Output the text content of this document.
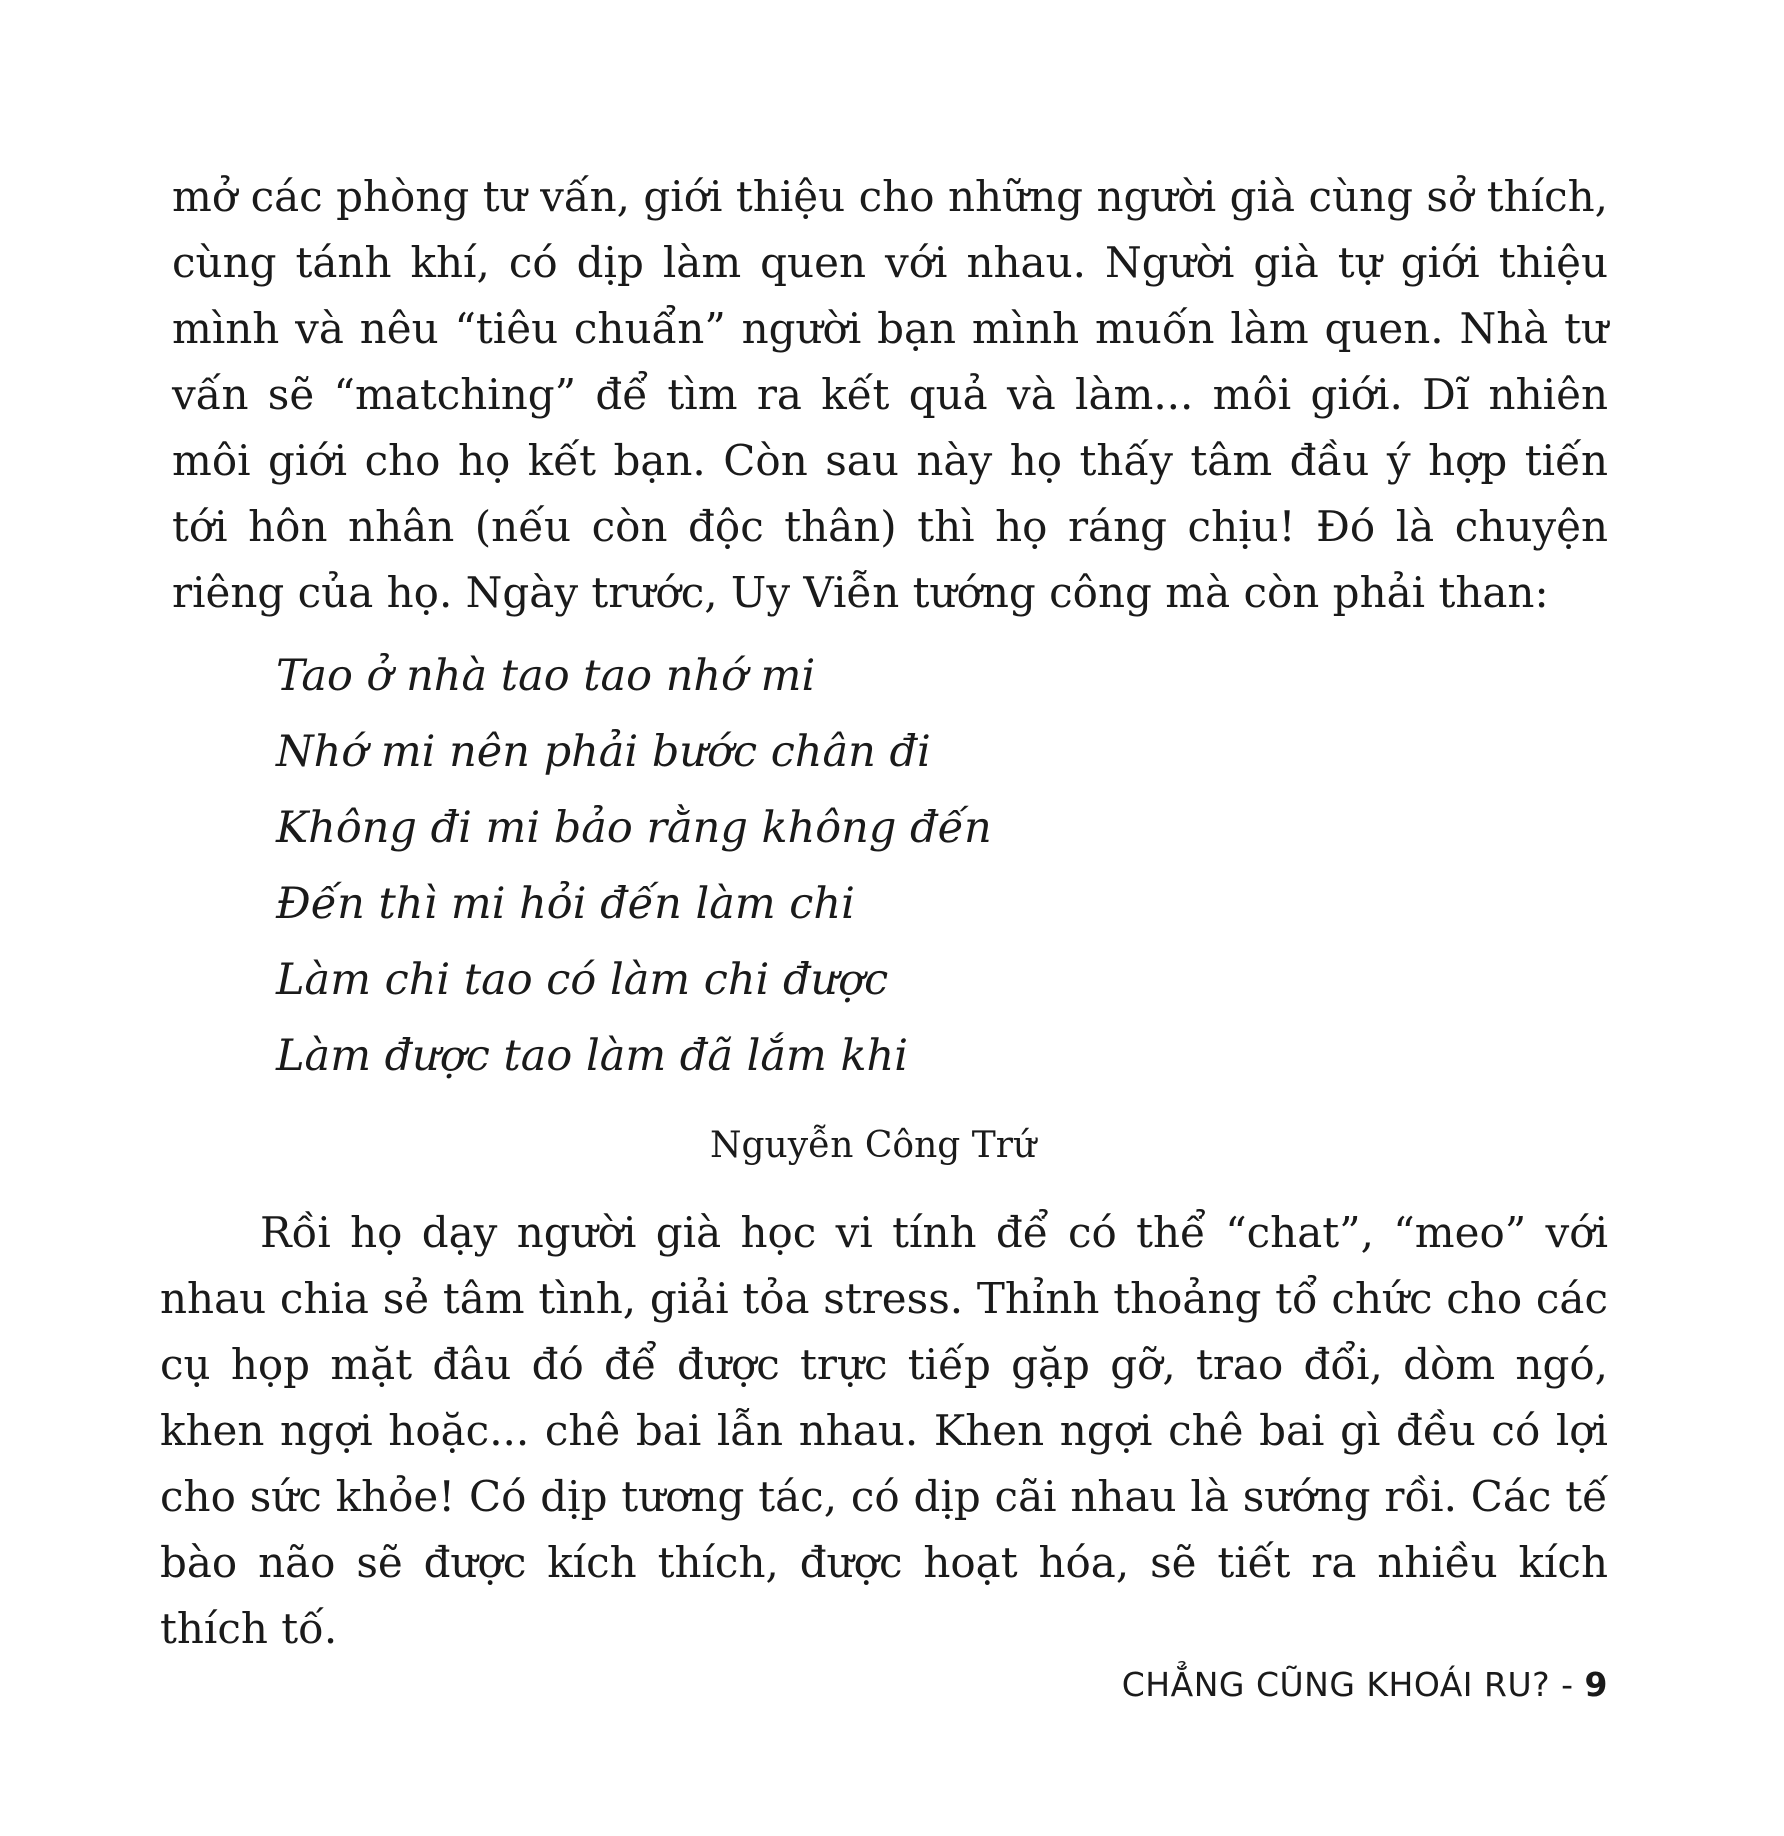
mở các phòng tư vấn, giới thiệu cho những người già cùng sở thích, cùng tánh khí, có dịp làm quen với nhau. Người già tự giới thiệu mình và nêu “tiêu chuẩn” người bạn mình muốn làm quen. Nhà tư vấn sẽ “matching” để tìm ra kết quả và làm... môi giới. Dĩ nhiên môi giới cho họ kết bạn. Còn sau này họ thấy tâm đầu ý hợp tiến tới hôn nhân (nếu còn độc thân) thì họ ráng chịu! Đó là chuyện riêng của họ. Ngày trước, Uy Viễn tướng công mà còn phải than:

Tao ở nhà tao tao nhớ mi
Nhớ mi nên phải bước chân đi
Không đi mi bảo rằng không đến
Đến thì mi hỏi đến làm chi
Làm chi tao có làm chi được
Làm được tao làm đã lắm khi
Nguyễn Công Trứ

Rồi họ dạy người già học vi tính để có thể “chat”, “meo” với nhau chia sẻ tâm tình, giải tỏa stress. Thỉnh thoảng tổ chức cho các cụ họp mặt đâu đó để được trực tiếp gặp gỡ, trao đổi, dòm ngó, khen ngợi hoặc... chê bai lẫn nhau. Khen ngợi chê bai gì đều có lợi cho sức khỏe! Có dịp tương tác, có dịp cãi nhau là sướng rồi. Các tế bào não sẽ được kích thích, được hoạt hóa, sẽ tiết ra nhiều kích thích tố.

CHẲNG CŨNG KHOÁI RU? - 9
